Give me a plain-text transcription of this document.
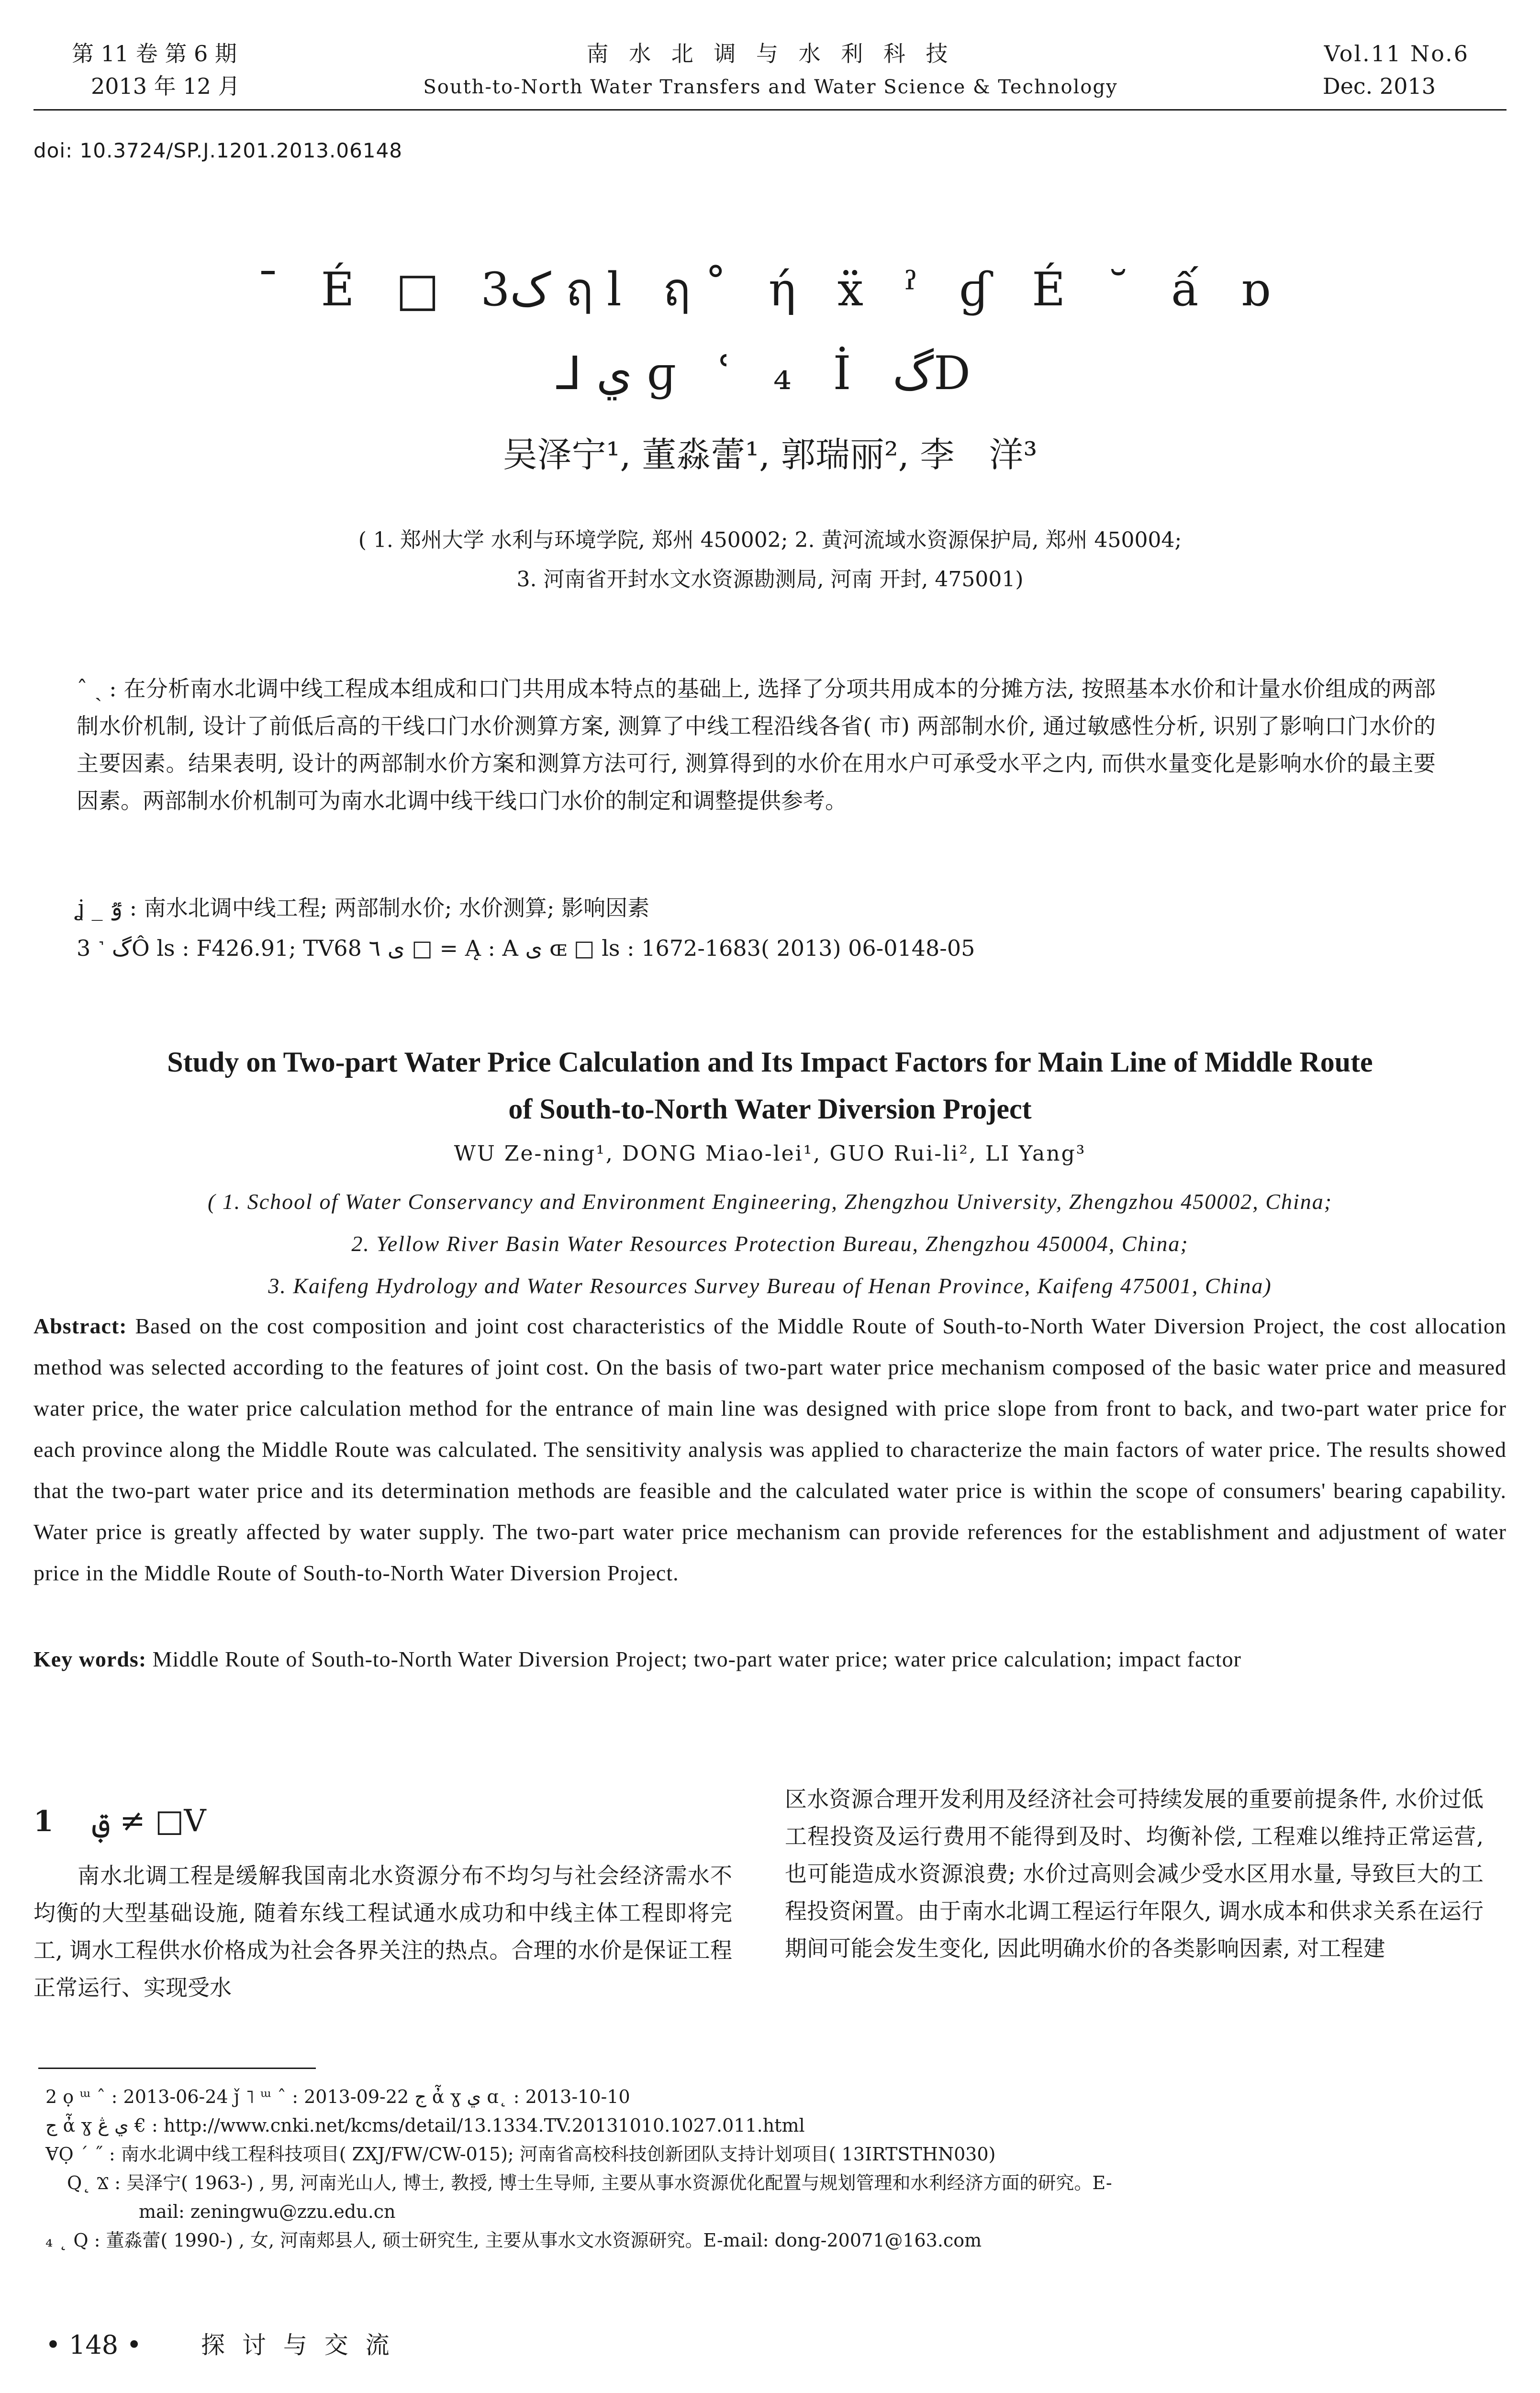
第 11 卷 第 6 期
2013 年 12 月
南 水 北 调 与 水 利 科 技
South-to-North Water Transfers and Water Science & Technology
Vol.11 No.6
Dec. 2013
doi: 10.3724/SP.J.1201.2013.06148
¯ É □ ک3 ฤl ฤ˚ ή ẍ ˀ ɠ É ˘ ấ ɒ
⅃ ي ɡ ʿ ₄ İ گD
吴泽宁¹, 董淼蕾¹, 郭瑞丽², 李　洋³
( 1. 郑州大学 水利与环境学院, 郑州 450002; 2. 黄河流域水资源保护局, 郑州 450004;
3. 河南省开封水文水资源勘测局, 河南 开封, 475001)
ˆ ˎ : 在分析南水北调中线工程成本组成和口门共用成本特点的基础上, 选择了分项共用成本的分摊方法, 按照基本水价和计量水价组成的两部制水价机制, 设计了前低后高的干线口门水价测算方案, 测算了中线工程沿线各省( 市) 两部制水价, 通过敏感性分析, 识别了影响口门水价的主要因素。结果表明, 设计的两部制水价方案和测算方法可行, 测算得到的水价在用水户可承受水平之内, 而供水量变化是影响水价的最主要因素。两部制水价机制可为南水北调中线干线口门水价的制定和调整提供参考。
ʝ _ ٷ : 南水北调中线工程; 两部制水价; 水价测算; 影响因素
3 ˺ گÔ ls : F426.91; TV68 ى ٦ □ = Ą : A ى ɶ □ ls : 1672-1683( 2013) 06-0148-05
Study on Two-part Water Price Calculation and Its Impact Factors for Main Line of Middle Route
of South-to-North Water Diversion Project
WU Ze-ning¹, DONG Miao-lei¹, GUO Rui-li², LI Yang³
( 1. School of Water Conservancy and Environment Engineering, Zhengzhou University, Zhengzhou 450002, China;
2. Yellow River Basin Water Resources Protection Bureau, Zhengzhou 450004, China;
3. Kaifeng Hydrology and Water Resources Survey Bureau of Henan Province, Kaifeng 475001, China)
Abstract: Based on the cost composition and joint cost characteristics of the Middle Route of South-to-North Water Diversion Project, the cost allocation method was selected according to the features of joint cost. On the basis of two-part water price mechanism composed of the basic water price and measured water price, the water price calculation method for the entrance of main line was designed with price slope from front to back, and two-part water price for each province along the Middle Route was calculated. The sensitivity analysis was applied to characterize the main factors of water price. The results showed that the two-part water price and its determination methods are feasible and the calculated water price is within the scope of consumers' bearing capability. Water price is greatly affected by water supply. The two-part water price mechanism can provide references for the establishment and adjustment of water price in the Middle Route of South-to-North Water Diversion Project.
Key words: Middle Route of South-to-North Water Diversion Project; two-part water price; water price calculation; impact factor
1 ࢥ ≠ □V
南水北调工程是缓解我国南北水资源分布不均匀与社会经济需水不均衡的大型基础设施, 随着东线工程试通水成功和中线主体工程即将完工, 调水工程供水价格成为社会各界关注的热点。合理的水价是保证工程正常运行、实现受水
区水资源合理开发利用及经济社会可持续发展的重要前提条件, 水价过低工程投资及运行费用不能得到及时、均衡补偿, 工程难以维持正常运营, 也可能造成水资源浪费; 水价过高则会减少受水区用水量, 导致巨大的工程投资闲置。由于南水北调工程运行年限久, 调水成本和供求关系在运行期间可能会发生变化, 因此明确水价的各类影响因素, 对工程建
2 ọ ᵚ ˆ : 2013-06-24 ǰ ˥ ᵚ ˆ : 2013-09-22 ج ἆ ɣ ي ɑ˛ : 2013-10-10
ج ἆ ɣ ي ڠ € : http://www.cnki.net/kcms/detail/13.1334.TV.20131010.1027.011.html
ⱯỌ ˊ ˝ : 南水北调中线工程科技项目( ZXJ/FW/CW-015); 河南省高校科技创新团队支持计划项目( 13IRTSTHN030)
Q˛ Ϫ : 吴泽宁( 1963-) , 男, 河南光山人, 博士, 教授, 博士生导师, 主要从事水资源优化配置与规划管理和水利经济方面的研究。E-
mail: zeningwu@zzu.edu.cn
₄ ˛ Q : 董淼蕾( 1990-) , 女, 河南郏县人, 硕士研究生, 主要从事水文水资源研究。E-mail: dong-20071@163.com
• 148 • 探 讨 与 交 流
